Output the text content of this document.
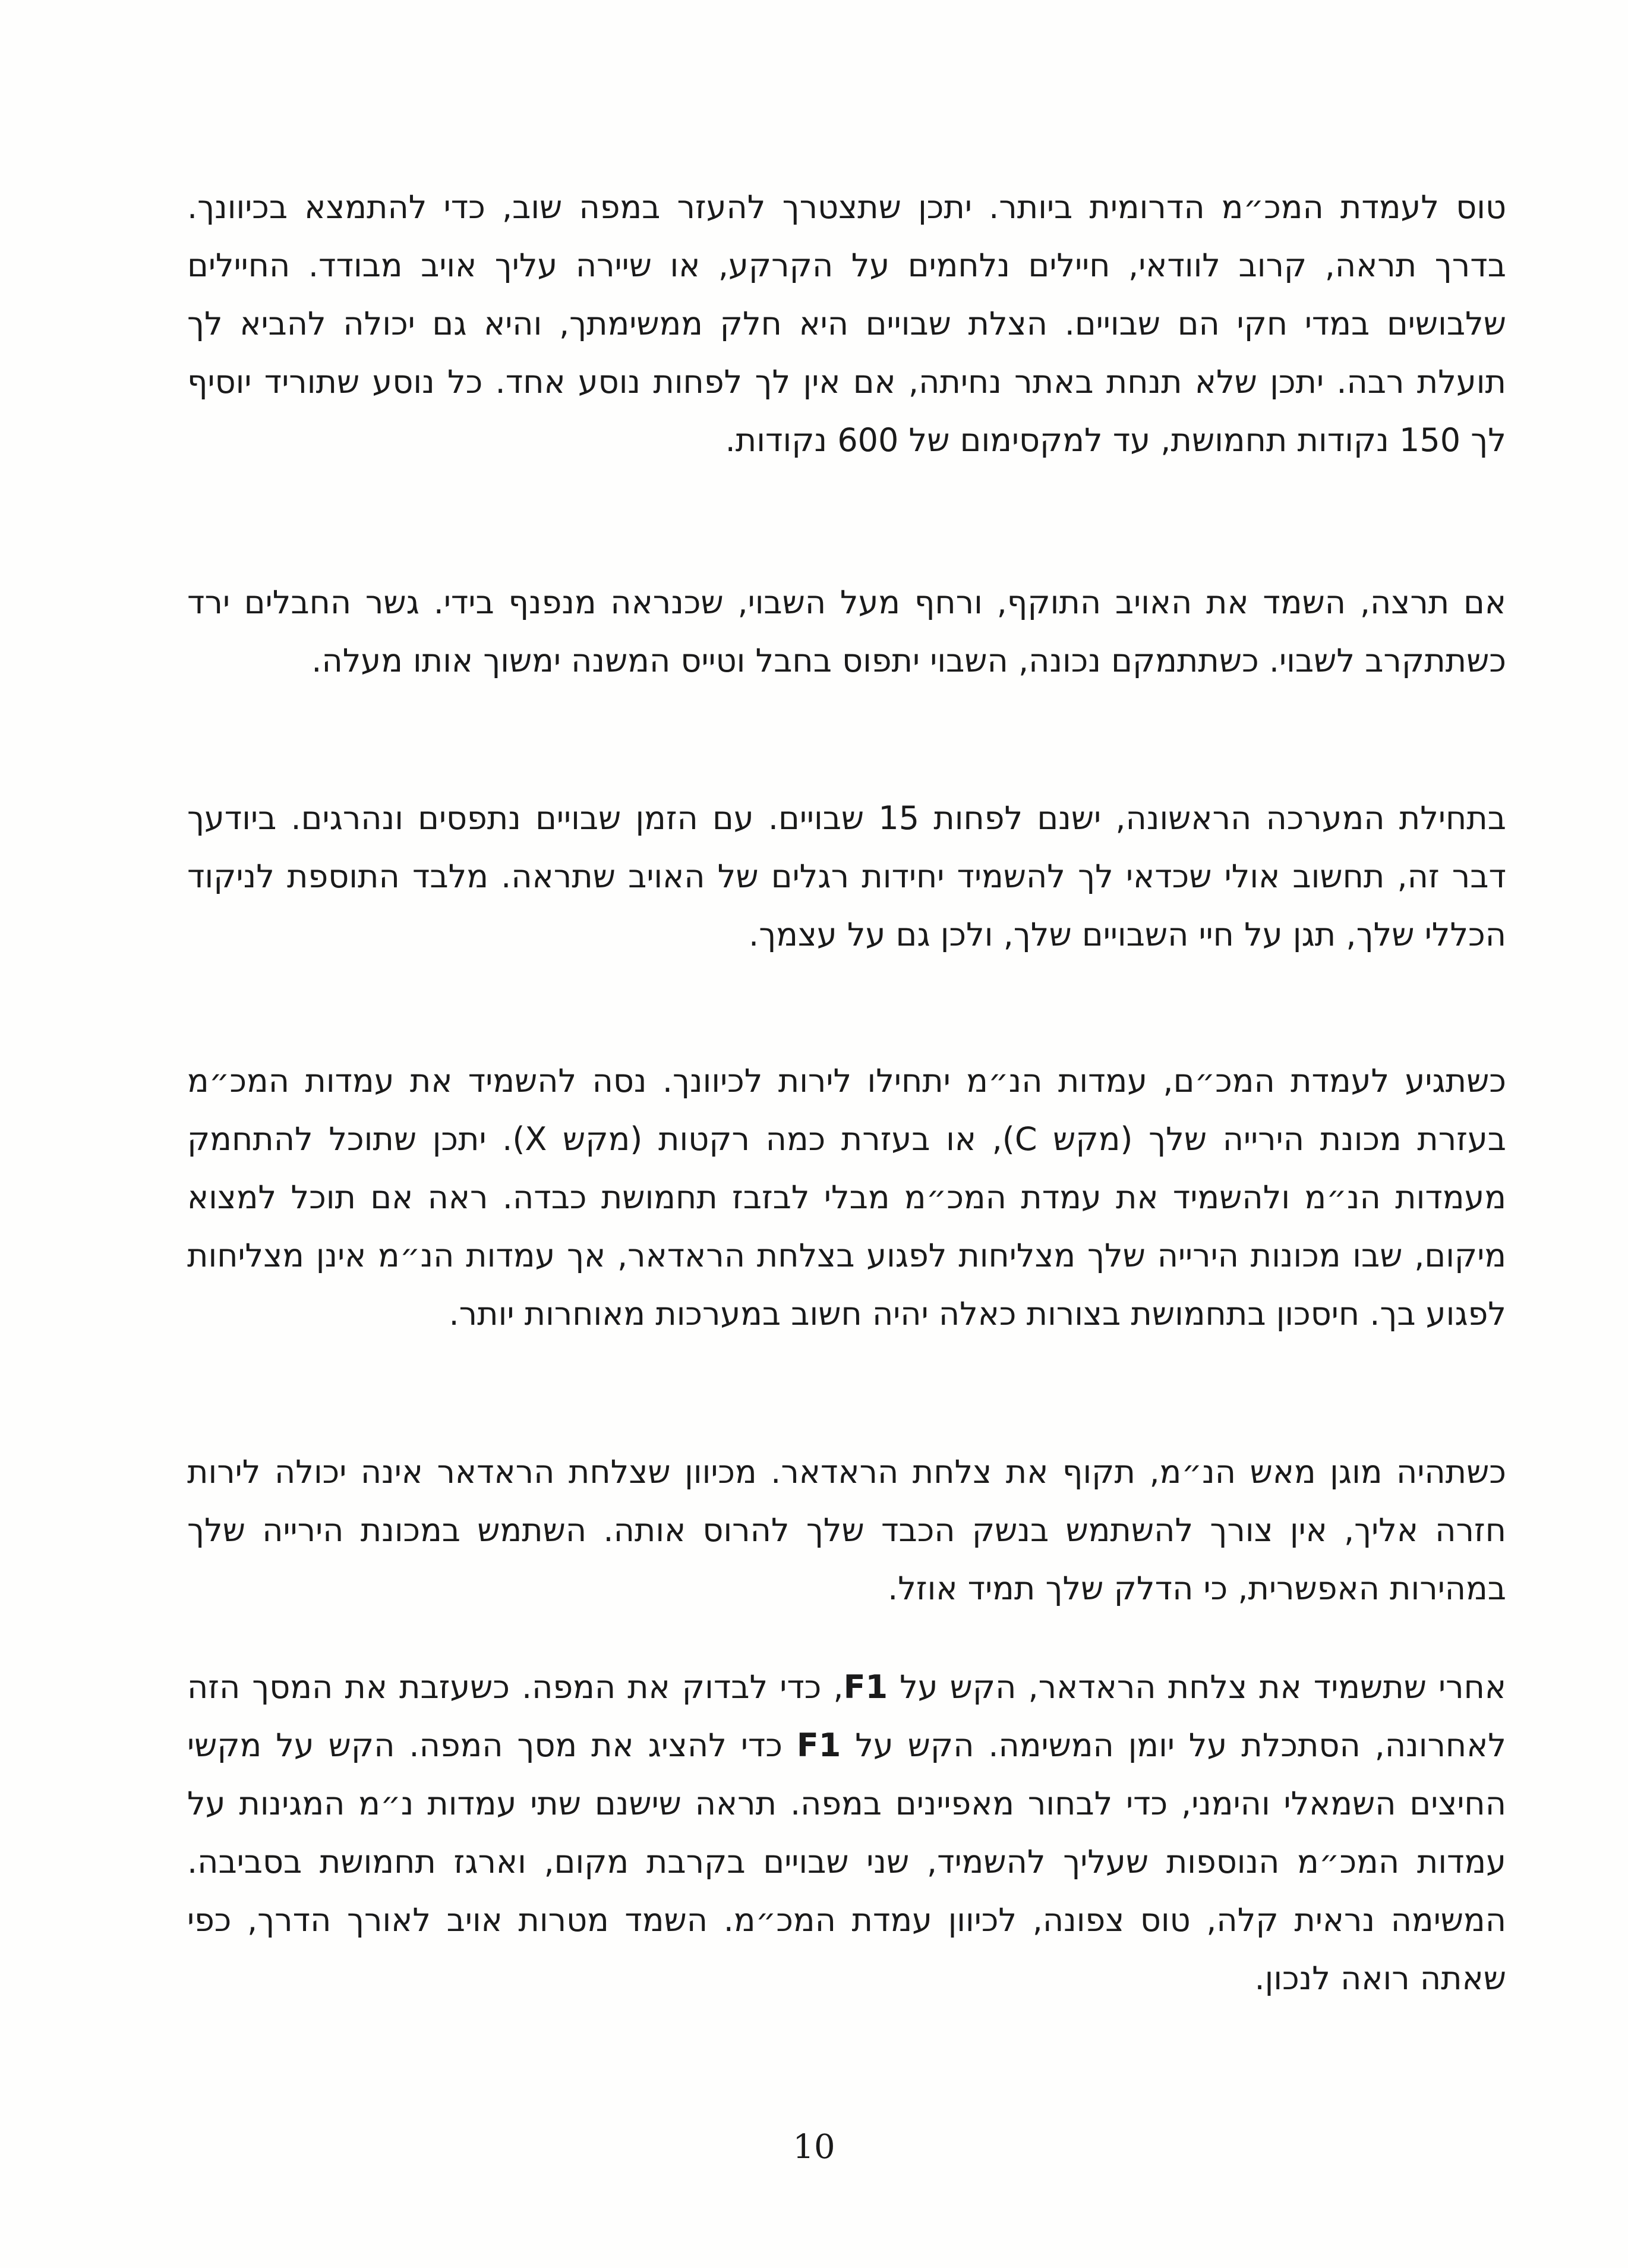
טוס לעמדת המכ״מ הדרומית ביותר. יתכן שתצטרך להעזר במפה שוב, כדי להתמצא בכיוונך. בדרך תראה, קרוב לוודאי, חיילים נלחמים על הקרקע, או שיירה עליך אויב מבודד. החיילים שלבושים במדי חקי הם שבויים. הצלת שבויים היא חלק ממשימתך, והיא גם יכולה להביא לך תועלת רבה. יתכן שלא תנחת באתר נחיתה, אם אין לך לפחות נוסע אחד. כל נוסע שתוריד יוסיף לך 150 נקודות תחמושת, עד למקסימום של 600 נקודות.

אם תרצה, השמד את האויב התוקף, ורחף מעל השבוי, שכנראה מנפנף בידי. גשר החבלים ירד כשתתקרב לשבוי. כשתתמקם נכונה, השבוי יתפוס בחבל וטייס המשנה ימשוך אותו מעלה.

בתחילת המערכה הראשונה, ישנם לפחות 15 שבויים. עם הזמן שבויים נתפסים ונהרגים. ביודעך דבר זה, תחשוב אולי שכדאי לך להשמיד יחידות רגלים של האויב שתראה. מלבד התוספת לניקוד הכללי שלך, תגן על חיי השבויים שלך, ולכן גם על עצמך.

כשתגיע לעמדת המכ״ם, עמדות הנ״מ יתחילו לירות לכיוונך. נסה להשמיד את עמדות המכ״מ בעזרת מכונת הירייה שלך (מקש C), או בעזרת כמה רקטות (מקש X). יתכן שתוכל להתחמק מעמדות הנ״מ ולהשמיד את עמדת המכ״מ מבלי לבזבז תחמושת כבדה. ראה אם תוכל למצוא מיקום, שבו מכונות הירייה שלך מצליחות לפגוע בצלחת הראדאר, אך עמדות הנ״מ אינן מצליחות לפגוע בך. חיסכון בתחמושת בצורות כאלה יהיה חשוב במערכות מאוחרות יותר.

כשתהיה מוגן מאש הנ״מ, תקוף את צלחת הראדאר. מכיוון שצלחת הראדאר אינה יכולה לירות חזרה אליך, אין צורך להשתמש בנשק הכבד שלך להרוס אותה. השתמש במכונת הירייה שלך במהירות האפשרית, כי הדלק שלך תמיד אוזל.

אחרי שתשמיד את צלחת הראדאר, הקש על F1, כדי לבדוק את המפה. כשעזבת את המסך הזה לאחרונה, הסתכלת על יומן המשימה. הקש על F1 כדי להציג את מסך המפה. הקש על מקשי החיצים השמאלי והימני, כדי לבחור מאפיינים במפה. תראה שישנם שתי עמדות נ״מ המגינות על עמדות המכ״מ הנוספות שעליך להשמיד, שני שבויים בקרבת מקום, וארגז תחמושת בסביבה. המשימה נראית קלה, טוס צפונה, לכיוון עמדת המכ״מ. השמד מטרות אויב לאורך הדרך, כפי שאתה רואה לנכון.

10
